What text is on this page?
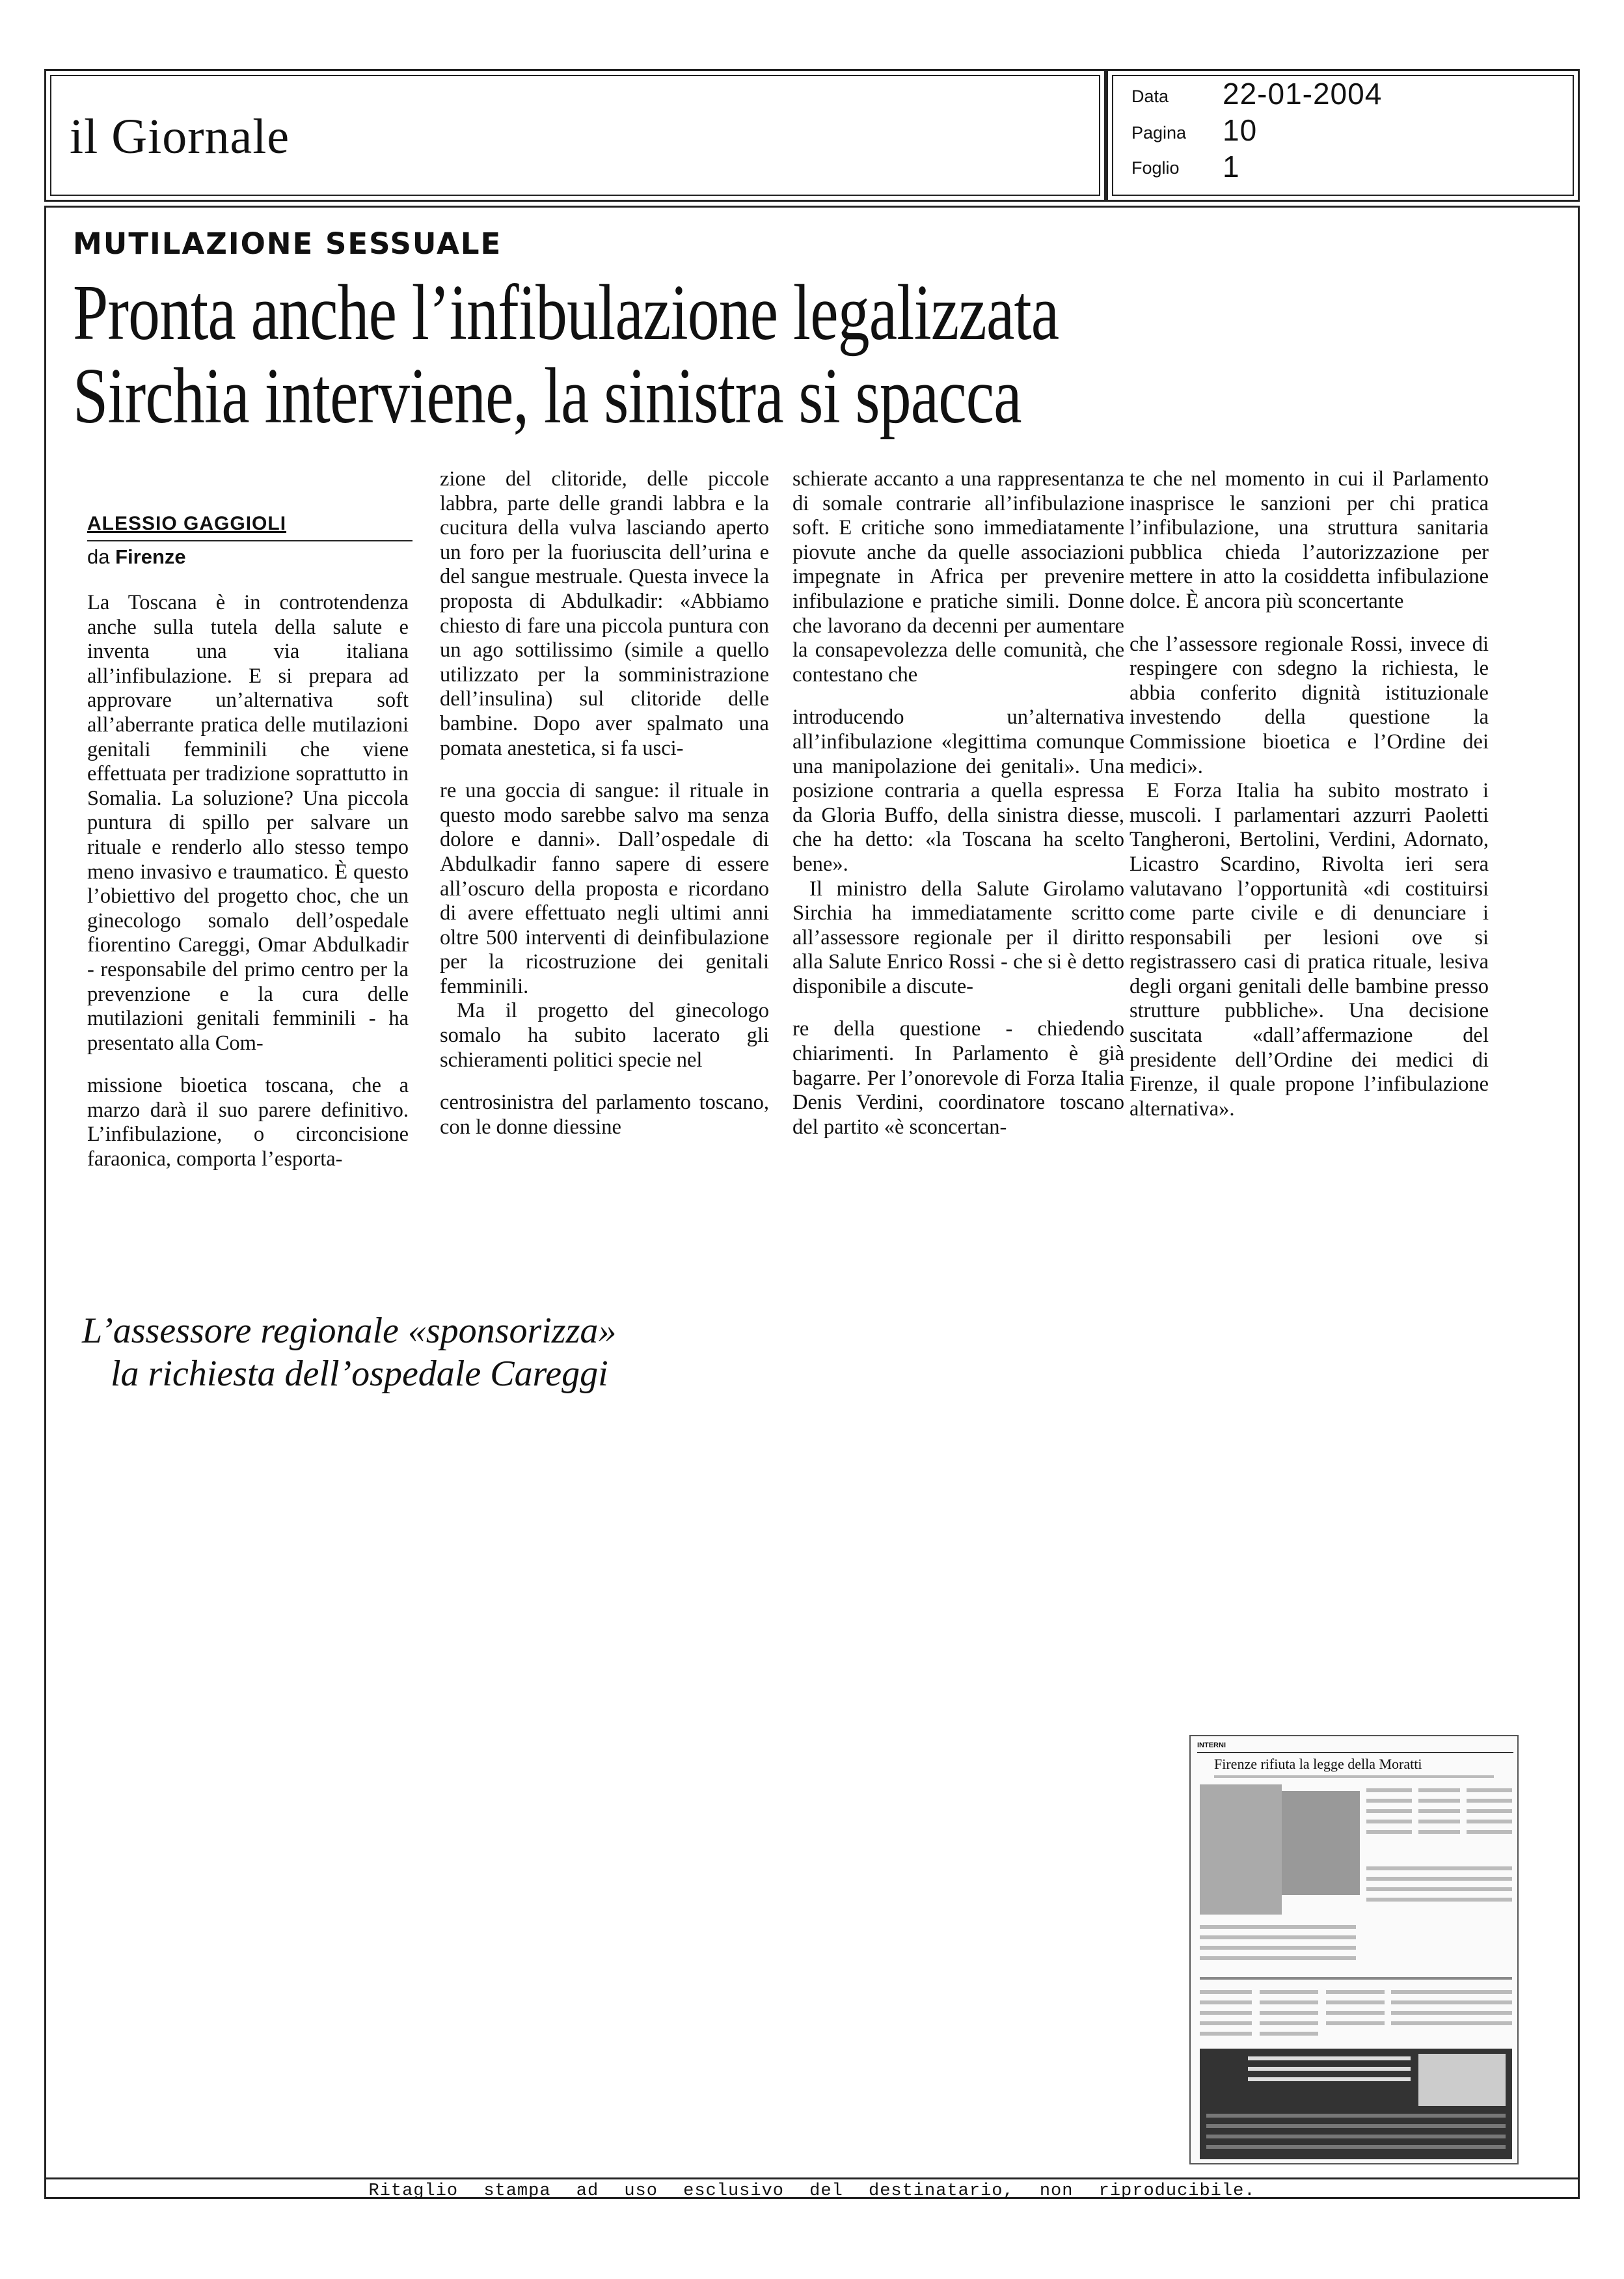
il Giornale
Data 22-01-2004
Pagina 10
Foglio 1
MUTILAZIONE SESSUALE
Pronta anche l’infibulazione legalizzata
Sirchia interviene, la sinistra si spacca
ALESSIO GAGGIOLI
da Firenze

La Toscana è in controtendenza anche sulla tutela della salute e inventa una via italiana all’infibulazione. E si prepara ad approvare un’alternativa soft all’aberrante pratica delle mutilazioni genitali femminili che viene effettuata per tradizione soprattutto in Somalia. La soluzione? Una piccola puntura di spillo per salvare un rituale e renderlo allo stesso tempo meno invasivo e traumatico. È questo l’obiettivo del progetto choc, che un ginecologo somalo dell’ospedale fiorentino Careggi, Omar Abdulkadir - responsabile del primo centro per la prevenzione e la cura delle mutilazioni genitali femminili - ha presentato alla Com-

missione bioetica toscana, che a marzo darà il suo parere definitivo. L’infibulazione, o circoncisione faraonica, comporta l’esporta-

zione del clitoride, delle piccole labbra, parte delle grandi labbra e la cucitura della vulva lasciando aperto un foro per la fuoriuscita dell’urina e del sangue mestruale. Questa invece la proposta di Abdulkadir: «Abbiamo chiesto di fare una piccola puntura con un ago sottilissimo (simile a quello utilizzato per la somministrazione dell’insulina) sul clitoride delle bambine. Dopo aver spalmato una pomata anestetica, si fa usci-

re una goccia di sangue: il rituale in questo modo sarebbe salvo ma senza dolore e danni». Dall’ospedale di Abdulkadir fanno sapere di essere all’oscuro della proposta e ricordano di avere effettuato negli ultimi anni oltre 500 interventi di deinfibulazione per la ricostruzione dei genitali femminili.

Ma il progetto del ginecologo somalo ha subito lacerato gli schieramenti politici specie nel

centrosinistra del parlamento toscano, con le donne diessine

schierate accanto a una rappresentanza di somale contrarie all’infibulazione soft. E critiche sono immediatamente piovute anche da quelle associazioni impegnate in Africa per prevenire infibulazione e pratiche simili. Donne che lavorano da decenni per aumentare la consapevolezza delle comunità, che contestano che

introducendo un’alternativa all’infibulazione «legittima comunque una manipolazione dei genitali». Una posizione contraria a quella espressa da Gloria Buffo, della sinistra diesse, che ha detto: «la Toscana ha scelto bene».

Il ministro della Salute Girolamo Sirchia ha immediatamente scritto all’assessore regionale per il diritto alla Salute Enrico Rossi - che si è detto disponibile a discute-

re della questione - chiedendo chiarimenti. In Parlamento è già bagarre. Per l’onorevole di Forza Italia Denis Verdini, coordinatore toscano del partito «è sconcertan-

te che nel momento in cui il Parlamento inasprisce le sanzioni per chi pratica l’infibulazione, una struttura sanitaria pubblica chieda l’autorizzazione per mettere in atto la cosiddetta infibulazione dolce. È ancora più sconcertante

che l’assessore regionale Rossi, invece di respingere con sdegno la richiesta, le abbia conferito dignità istituzionale investendo della questione la Commissione bioetica e l’Ordine dei medici».

E Forza Italia ha subito mostrato i muscoli. I parlamentari azzurri Paoletti Tangheroni, Bertolini, Verdini, Adornato, Licastro Scardino, Rivolta ieri sera valutavano l’opportunità «di costituirsi come parte civile e di denunciare i responsabili per lesioni ove si registrassero casi di pratica rituale, lesiva degli organi genitali delle bambine presso strutture pubbliche». Una decisione suscitata «dall’affermazione del presidente dell’Ordine dei medici di Firenze, il quale propone l’infibulazione alternativa».

L’assessore regionale «sponsorizza»
la richiesta dell’ospedale Careggi
INTERNI
Firenze rifiuta la legge della Moratti
Ritaglio stampa ad uso esclusivo del destinatario, non riproducibile.
